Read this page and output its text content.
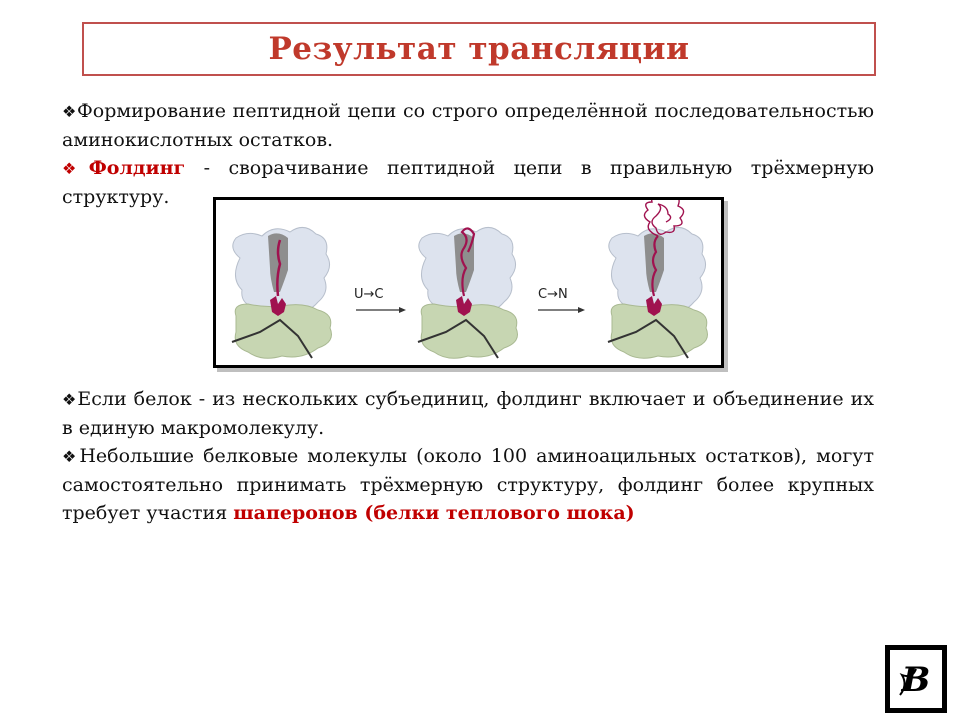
Результат трансляции
❖Формирование пептидной цепи со строго определённой последовательностью аминокислотных остатков.
❖Фолдинг - сворачивание пептидной цепи в правильную трёхмерную структуру.
U→C	C→N
❖Если белок - из нескольких субъединиц, фолдинг включает и объединение их в единую макромолекулу.
❖Небольшие белковые молекулы (около 100 аминоацильных остатков), могут самостоятельно принимать трёхмерную структуру, фолдинг более крупных требует участия шаперонов (белки теплового шока)
B
